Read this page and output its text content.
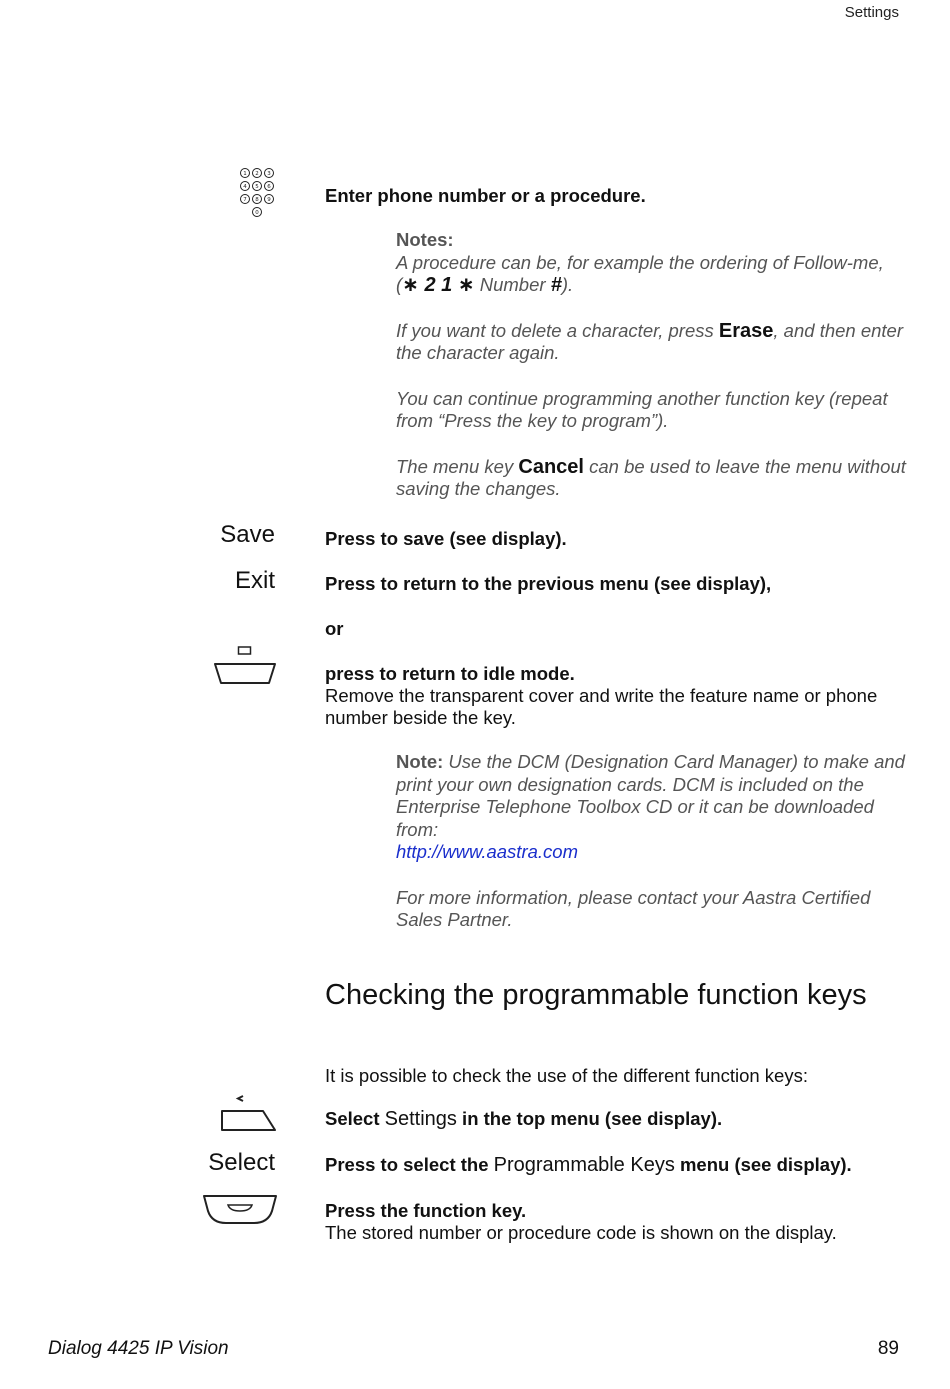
Settings
Dialog 4425 IP Vision	89
1 2 3
4 5 6
7 8 9
0
Enter phone number or a procedure.
Notes:
A procedure can be, for example the ordering of Follow-me,
(∗ 2 1 ∗ Number #).
If you want to delete a character, press Erase, and then enter the character again.
You can continue programming another function key (repeat from “Press the key to program”).
The menu key Cancel can be used to leave the menu without saving the changes.
Save	Press to save (see display).
Exit	Press to return to the previous menu (see display),
or
press to return to idle mode.
Remove the transparent cover and write the feature name or phone number beside the key.
Note: Use the DCM (Designation Card Manager) to make and print your own designation cards. DCM is included on the Enterprise Telephone Toolbox CD or it can be downloaded from:
http://www.aastra.com
For more information, please contact your Aastra Certified Sales Partner.
Checking the programmable function keys
It is possible to check the use of the different function keys:
Select Settings in the top menu (see display).
Select	Press to select the Programmable Keys menu (see display).
Press the function key.
The stored number or procedure code is shown on the display.
